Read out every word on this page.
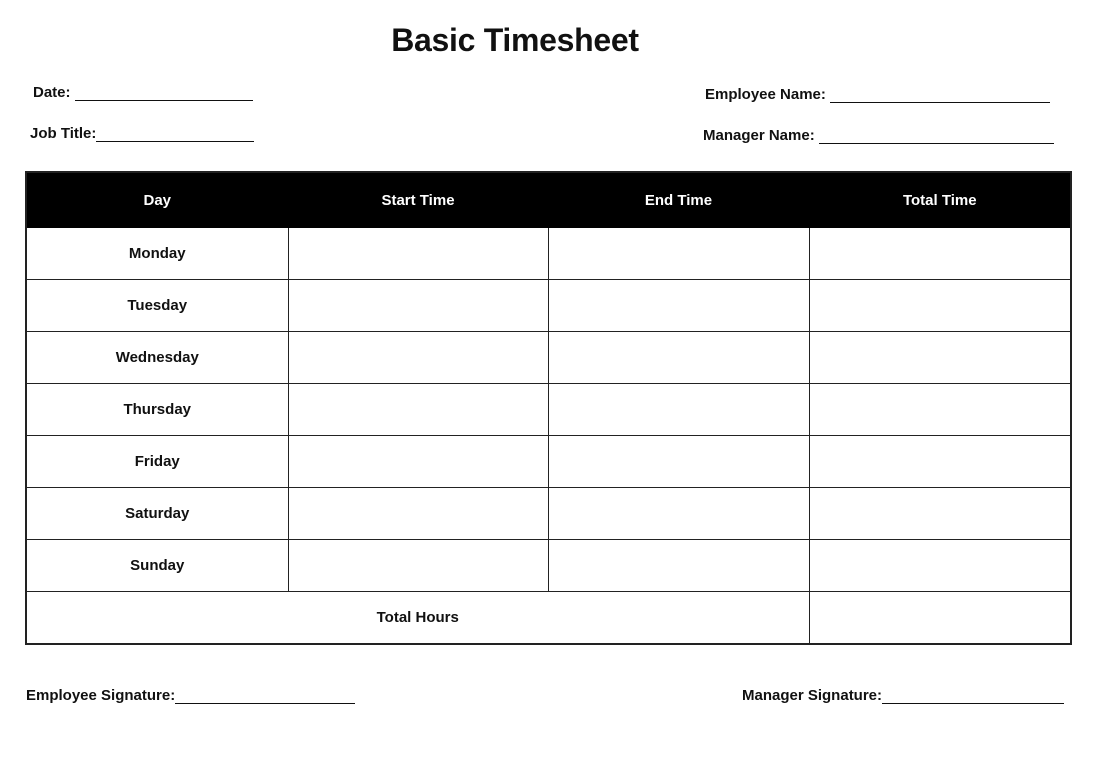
Basic Timesheet
Date:
Job Title:
Employee Name:
Manager Name:
Day	Start Time	End Time	Total Time
Monday			
Tuesday			
Wednesday			
Thursday			
Friday			
Saturday			
Sunday			
Total Hours			
Employee Signature:	Manager Signature:
